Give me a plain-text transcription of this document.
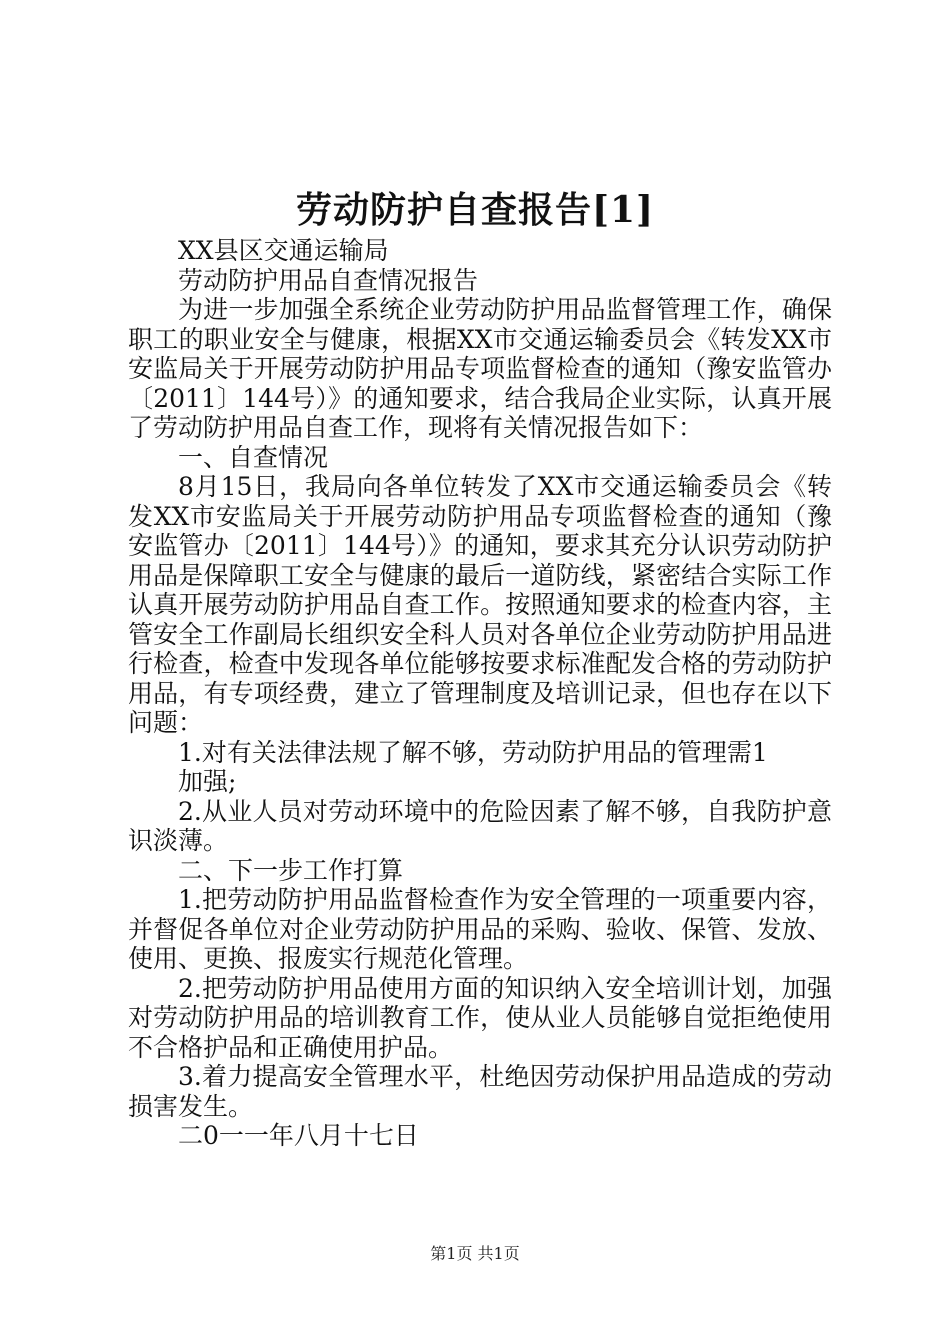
劳动防护自查报告[1]

XX县区交通运输局

劳动防护用品自查情况报告

为进一步加强全系统企业劳动防护用品监督管理工作，确保职工的职业安全与健康，根据XX市交通运输委员会《转发XX市安监局关于开展劳动防护用品专项监督检查的通知（豫安监管办〔2011〕144号）》的通知要求，结合我局企业实际，认真开展了劳动防护用品自查工作，现将有关情况报告如下：

一、自查情况

8月15日，我局向各单位转发了XX市交通运输委员会《转发XX市安监局关于开展劳动防护用品专项监督检查的通知（豫安监管办〔2011〕144号）》的通知，要求其充分认识劳动防护用品是保障职工安全与健康的最后一道防线，紧密结合实际工作认真开展劳动防护用品自查工作。按照通知要求的检查内容，主管安全工作副局长组织安全科人员对各单位企业劳动防护用品进行检查，检查中发现各单位能够按要求标准配发合格的劳动防护用品，有专项经费，建立了管理制度及培训记录，但也存在以下问题：

1.对有关法律法规了解不够，劳动防护用品的管理需1

加强;

2.从业人员对劳动环境中的危险因素了解不够，自我防护意识淡薄。

二、下一步工作打算

1.把劳动防护用品监督检查作为安全管理的一项重要内容，并督促各单位对企业劳动防护用品的采购、验收、保管、发放、使用、更换、报废实行规范化管理。

2.把劳动防护用品使用方面的知识纳入安全培训计划，加强对劳动防护用品的培训教育工作，使从业人员能够自觉拒绝使用不合格护品和正确使用护品。

3.着力提高安全管理水平，杜绝因劳动保护用品造成的劳动损害发生。

二0一一年八月十七日

第1页 共1页
